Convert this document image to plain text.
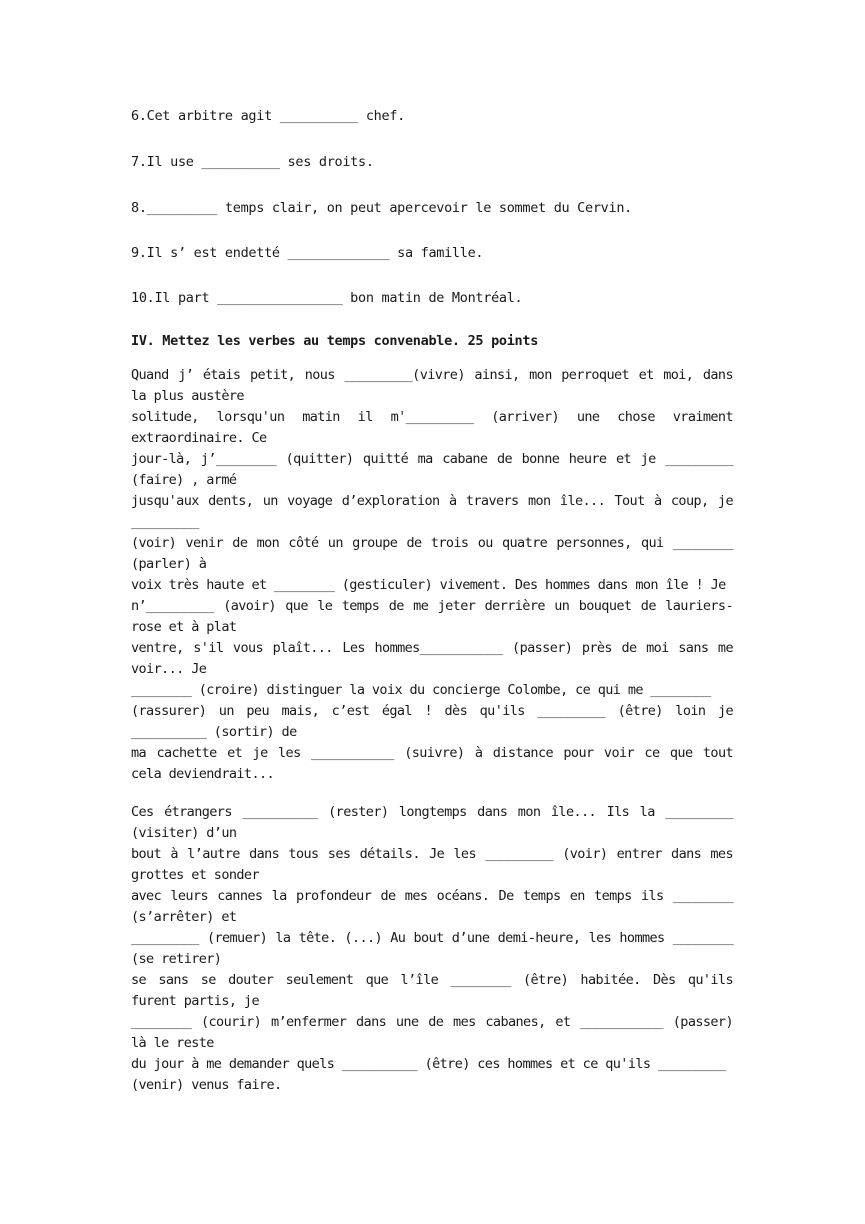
6.Cet arbitre agit __________ chef.
7.Il use __________ ses droits.
8._________ temps clair, on peut apercevoir le sommet du Cervin.
9.Il s’ est endetté _____________ sa famille.
10.Il part ________________ bon matin de Montréal.
IV. Mettez les verbes au temps convenable. 25 points
Quand j’ étais petit, nous _________(vivre) ainsi, mon perroquet et moi, dans la plus austère
solitude, lorsqu'un matin il m'_________ (arriver) une chose vraiment extraordinaire. Ce
jour-là, j’________ (quitter) quitté ma cabane de bonne heure et je _________ (faire) , armé
jusqu'aux dents, un voyage d’exploration à travers mon île... Tout à coup, je _________
(voir) venir de mon côté un groupe de trois ou quatre personnes, qui ________ (parler) à
voix très haute et ________ (gesticuler) vivement. Des hommes dans mon île ! Je
n’_________ (avoir) que le temps de me jeter derrière un bouquet de lauriers-rose et à plat
ventre, s'il vous plaît... Les hommes___________ (passer) près de moi sans me voir... Je
________ (croire) distinguer la voix du concierge Colombe, ce qui me ________
(rassurer) un peu mais, c’est égal ! dès qu'ils _________ (être) loin je __________ (sortir) de
ma cachette et je les ___________ (suivre) à distance pour voir ce que tout cela deviendrait...
Ces étrangers __________ (rester) longtemps dans mon île... Ils la _________ (visiter) d’un
bout à l’autre dans tous ses détails. Je les _________ (voir) entrer dans mes grottes et sonder
avec leurs cannes la profondeur de mes océans. De temps en temps ils ________ (s’arrêter) et
_________ (remuer) la tête. (...) Au bout d’une demi-heure, les hommes ________ (se retirer)
se sans se douter seulement que l’île ________ (être) habitée. Dès qu'ils furent partis, je
________ (courir) m’enfermer dans une de mes cabanes, et ___________ (passer) là le reste
du jour à me demander quels __________ (être) ces hommes et ce qu'ils _________
(venir) venus faire.
